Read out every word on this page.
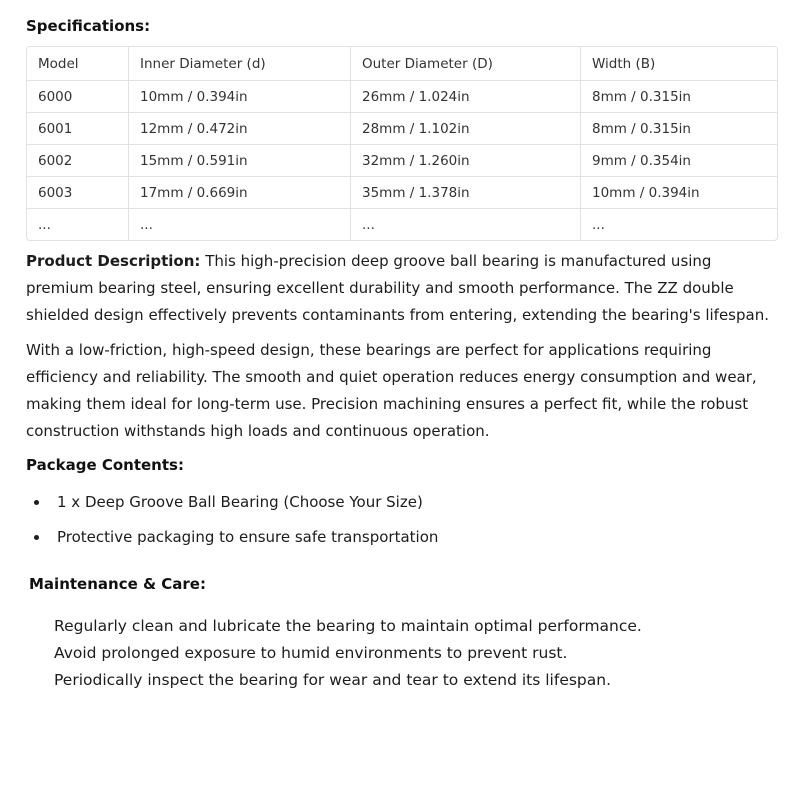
Specifications:
Model	Inner Diameter (d)	Outer Diameter (D)	Width (B)
6000	10mm / 0.394in	26mm / 1.024in	8mm / 0.315in
6001	12mm / 0.472in	28mm / 1.102in	8mm / 0.315in
6002	15mm / 0.591in	32mm / 1.260in	9mm / 0.354in
6003	17mm / 0.669in	35mm / 1.378in	10mm / 0.394in
...	...	...	...

Product Description: This high-precision deep groove ball bearing is manufactured using premium bearing steel, ensuring excellent durability and smooth performance. The ZZ double shielded design effectively prevents contaminants from entering, extending the bearing's lifespan.

With a low-friction, high-speed design, these bearings are perfect for applications requiring efficiency and reliability. The smooth and quiet operation reduces energy consumption and wear, making them ideal for long-term use. Precision machining ensures a perfect fit, while the robust construction withstands high loads and continuous operation.

Package Contents:
1 x Deep Groove Ball Bearing (Choose Your Size)
Protective packaging to ensure safe transportation
Maintenance & Care:
Regularly clean and lubricate the bearing to maintain optimal performance.
Avoid prolonged exposure to humid environments to prevent rust.
Periodically inspect the bearing for wear and tear to extend its lifespan.
